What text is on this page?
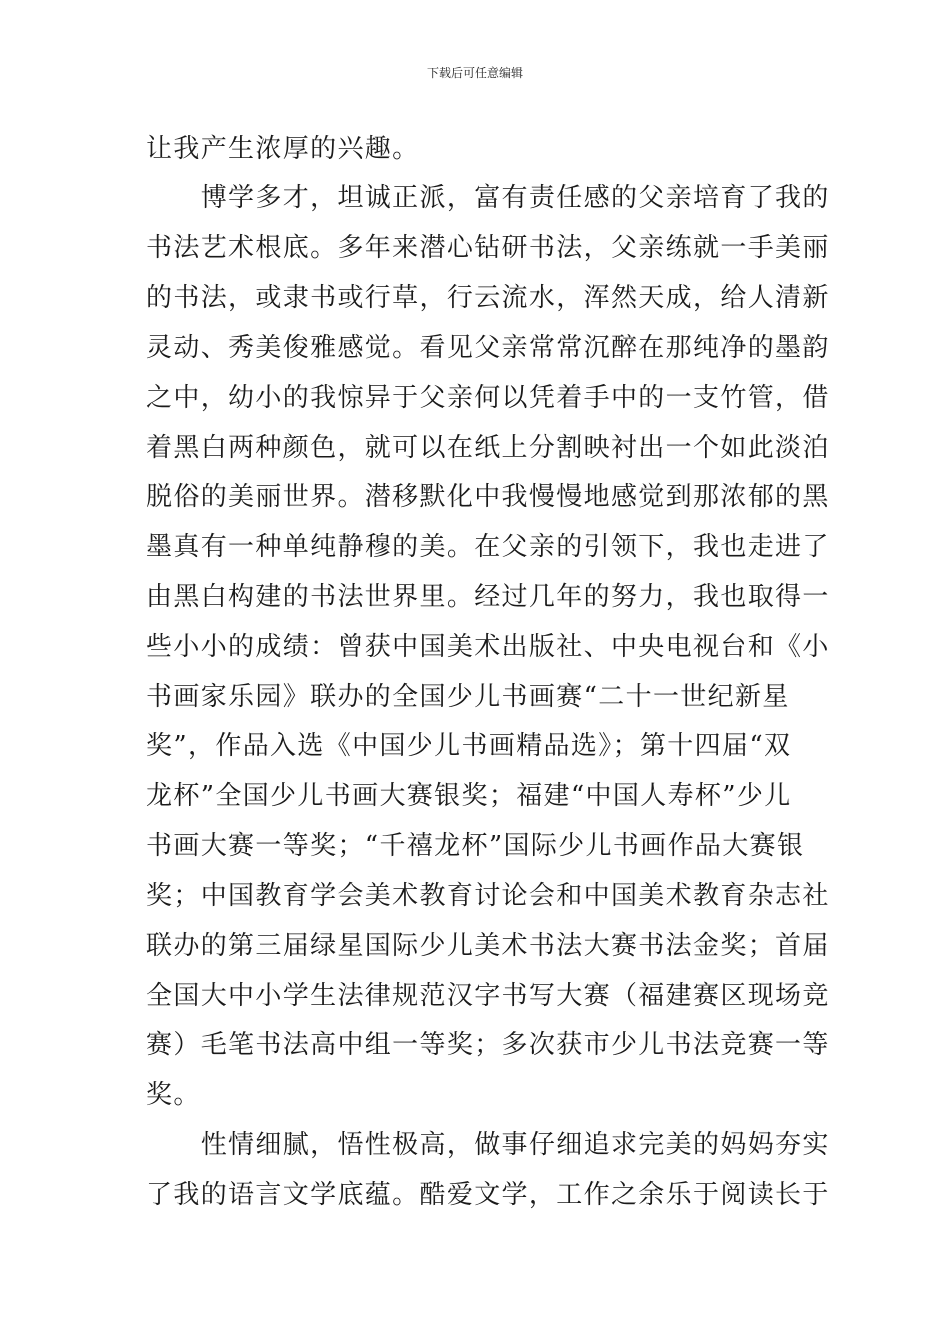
下载后可任意编辑
让我产生浓厚的兴趣。
　　博学多才，坦诚正派，富有责任感的父亲培育了我的
书法艺术根底。多年来潜心钻研书法，父亲练就一手美丽
的书法，或隶书或行草，行云流水，浑然天成，给人清新
灵动、秀美俊雅感觉。看见父亲常常沉醉在那纯净的墨韵
之中，幼小的我惊异于父亲何以凭着手中的一支竹管，借
着黑白两种颜色，就可以在纸上分割映衬出一个如此淡泊
脱俗的美丽世界。潜移默化中我慢慢地感觉到那浓郁的黑
墨真有一种单纯静穆的美。在父亲的引领下，我也走进了
由黑白构建的书法世界里。经过几年的努力，我也取得一
些小小的成绩：曾获中国美术出版社、中央电视台和《小
书画家乐园》联办的全国少儿书画赛“二十一世纪新星
奖”，作品入选《中国少儿书画精品选》；第十四届“双
龙杯”全国少儿书画大赛银奖；福建“中国人寿杯”少儿
书画大赛一等奖；“千禧龙杯”国际少儿书画作品大赛银
奖；中国教育学会美术教育讨论会和中国美术教育杂志社
联办的第三届绿星国际少儿美术书法大赛书法金奖；首届
全国大中小学生法律规范汉字书写大赛（福建赛区现场竞
赛）毛笔书法高中组一等奖；多次获市少儿书法竞赛一等
奖。
　　性情细腻，悟性极高，做事仔细追求完美的妈妈夯实
了我的语言文学底蕴。酷爱文学，工作之余乐于阅读长于
